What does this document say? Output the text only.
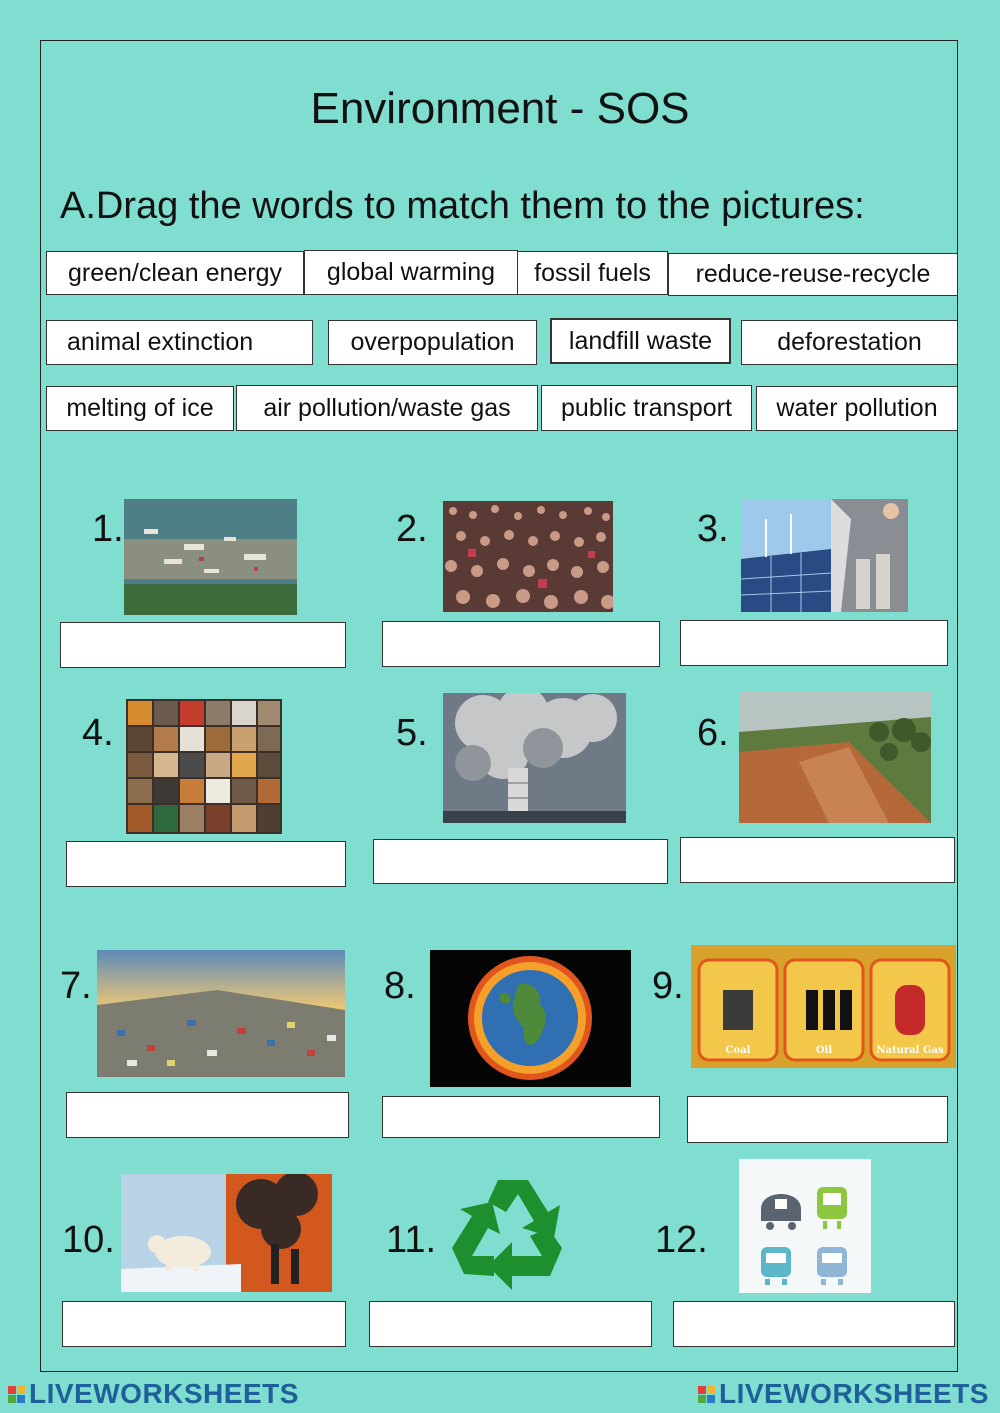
Environment - SOS
A.Drag the words to match them to the pictures:
green/clean energy	global warming	fossil fuels	reduce-reuse-recycle
animal extinction	overpopulation	landfill waste	deforestation
melting of ice	air pollution/waste gas	public transport	water pollution
1.	2.	3.
4.	5.	6.
7.	8.	9.
10.	11.	12.
Coal	Oil	Natural Gas
LIVEWORKSHEETS	LIVEWORKSHEETS
